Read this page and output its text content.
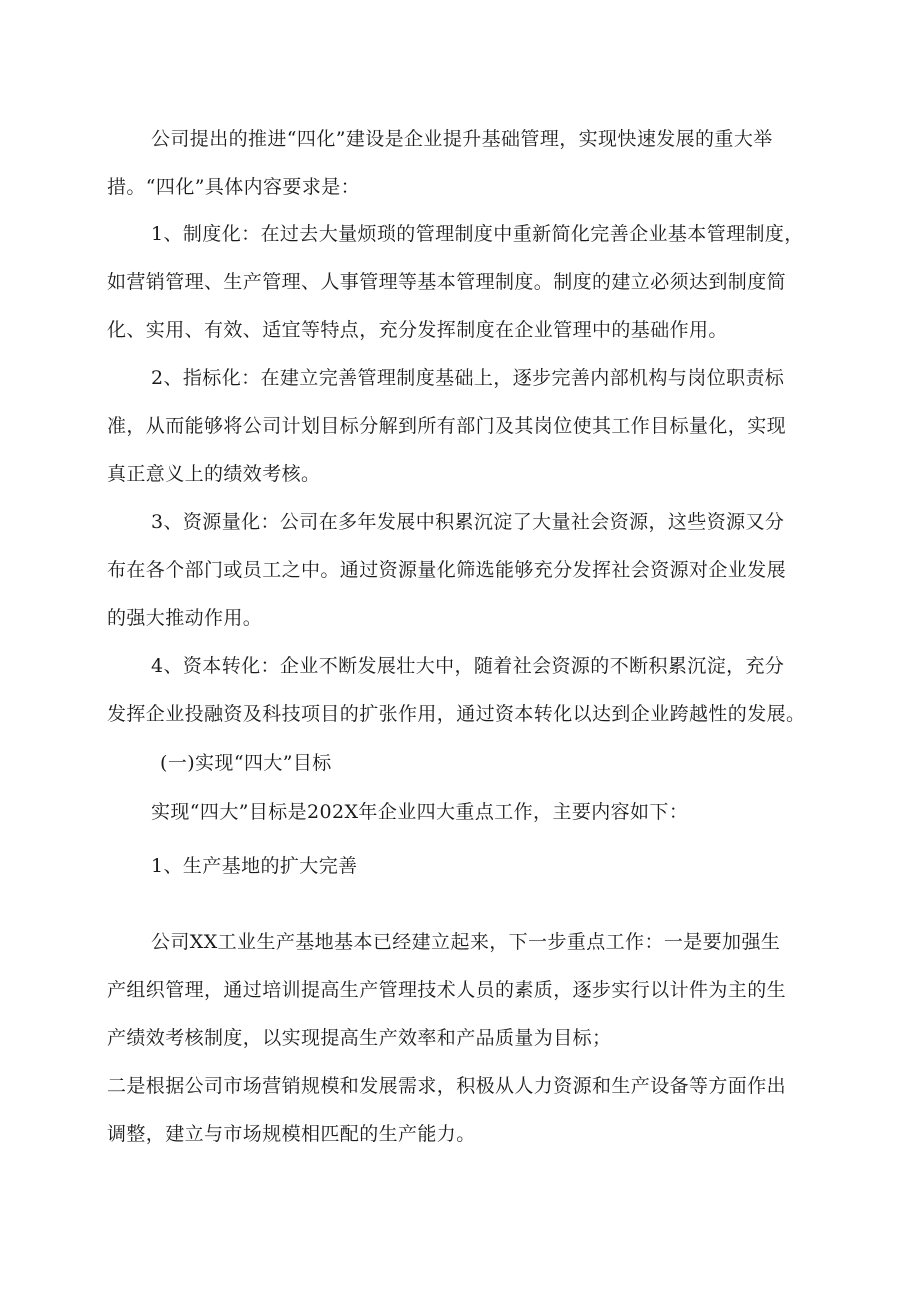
公司提出的推进“四化”建设是企业提升基础管理，实现快速发展的重大举
措。“四化”具体内容要求是：
1、制度化：在过去大量烦琐的管理制度中重新简化完善企业基本管理制度，
如营销管理、生产管理、人事管理等基本管理制度。制度的建立必须达到制度简
化、实用、有效、适宜等特点，充分发挥制度在企业管理中的基础作用。
2、指标化：在建立完善管理制度基础上，逐步完善内部机构与岗位职责标
准，从而能够将公司计划目标分解到所有部门及其岗位使其工作目标量化，实现
真正意义上的绩效考核。
3、资源量化：公司在多年发展中积累沉淀了大量社会资源，这些资源又分
布在各个部门或员工之中。通过资源量化筛选能够充分发挥社会资源对企业发展
的强大推动作用。
4、资本转化：企业不断发展壮大中，随着社会资源的不断积累沉淀，充分
发挥企业投融资及科技项目的扩张作用，通过资本转化以达到企业跨越性的发展。
(一)实现“四大”目标
实现“四大”目标是202X年企业四大重点工作，主要内容如下：
1、生产基地的扩大完善
公司XX工业生产基地基本已经建立起来，下一步重点工作：一是要加强生
产组织管理，通过培训提高生产管理技术人员的素质，逐步实行以计件为主的生
产绩效考核制度，以实现提高生产效率和产品质量为目标；
二是根据公司市场营销规模和发展需求，积极从人力资源和生产设备等方面作出
调整，建立与市场规模相匹配的生产能力。
